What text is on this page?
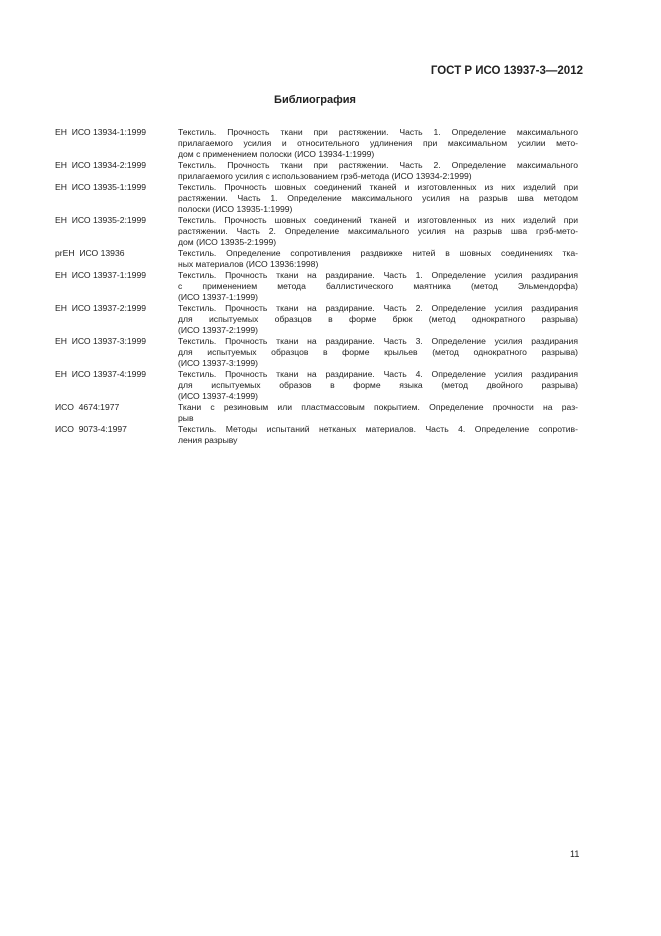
ГОСТ Р ИСО 13937-3—2012
Библиография
ЕН  ИСО 13934-1:1999	Текстиль. Прочность ткани при растяжении. Часть 1. Определение максимального
прилагаемого усилия и относительного удлинения при максимальном усилии мето-
дом с применением полоски (ИСО 13934-1:1999)
ЕН  ИСО 13934-2:1999	Текстиль. Прочность ткани при растяжении. Часть 2. Определение максимального
прилагаемого усилия с использованием грэб-метода (ИСО 13934-2:1999)
ЕН  ИСО 13935-1:1999	Текстиль. Прочность шовных соединений тканей и изготовленных из них изделий при
растяжении. Часть 1. Определение максимального усилия на разрыв шва методом
полоски (ИСО 13935-1:1999)
ЕН  ИСО 13935-2:1999	Текстиль. Прочность шовных соединений тканей и изготовленных из них изделий при
растяжении. Часть 2. Определение максимального усилия на разрыв шва грэб-мето-
дом (ИСО 13935-2:1999)
prЕН  ИСО 13936	Текстиль. Определение сопротивления раздвижке нитей в шовных соединениях тка-
ных материалов (ИСО 13936:1998)
ЕН  ИСО 13937-1:1999	Текстиль. Прочность ткани на раздирание. Часть 1. Определение усилия раздирания
с применением метода баллистического маятника (метод Эльмендорфа)
(ИСО 13937-1:1999)
ЕН  ИСО 13937-2:1999	Текстиль. Прочность ткани на раздирание. Часть 2. Определение усилия раздирания
для испытуемых образцов в форме брюк (метод однократного разрыва)
(ИСО 13937-2:1999)
ЕН  ИСО 13937-3:1999	Текстиль. Прочность ткани на раздирание. Часть 3. Определение усилия раздирания
для испытуемых образцов в форме крыльев (метод однократного разрыва)
(ИСО 13937-3:1999)
ЕН  ИСО 13937-4:1999	Текстиль. Прочность ткани на раздирание. Часть 4. Определение усилия раздирания
для испытуемых образов в форме языка (метод двойного разрыва)
(ИСО 13937-4:1999)
ИСО  4674:1977	Ткани с резиновым или пластмассовым покрытием. Определение прочности на раз-
рыв
ИСО  9073-4:1997	Текстиль. Методы испытаний нетканых материалов. Часть 4. Определение сопротив-
ления разрыву
11
